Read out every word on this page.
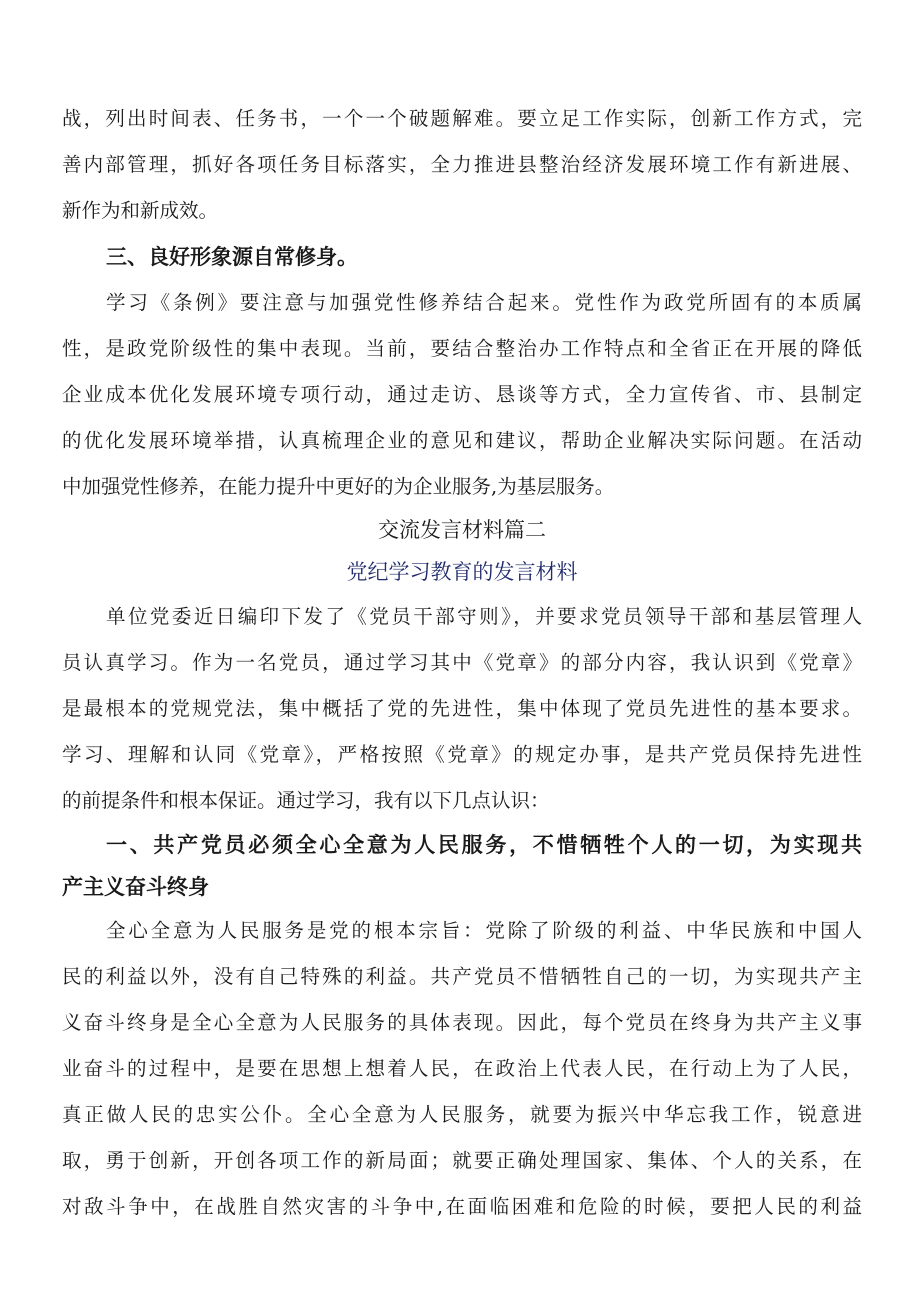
战，列出时间表、任务书，一个一个破题解难。要立足工作实际，创新工作方式，完
善内部管理，抓好各项任务目标落实，全力推进县整治经济发展环境工作有新进展、
新作为和新成效。
三、良好形象源自常修身。
学习《条例》要注意与加强党性修养结合起来。党性作为政党所固有的本质属
性，是政党阶级性的集中表现。当前，要结合整治办工作特点和全省正在开展的降低
企业成本优化发展环境专项行动，通过走访、恳谈等方式，全力宣传省、市、县制定
的优化发展环境举措，认真梳理企业的意见和建议，帮助企业解决实际问题。在活动
中加强党性修养，在能力提升中更好的为企业服务,为基层服务。
交流发言材料篇二
党纪学习教育的发言材料
单位党委近日编印下发了《党员干部守则》，并要求党员领导干部和基层管理人
员认真学习。作为一名党员，通过学习其中《党章》的部分内容，我认识到《党章》
是最根本的党规党法，集中概括了党的先进性，集中体现了党员先进性的基本要求。
学习、理解和认同《党章》，严格按照《党章》的规定办事，是共产党员保持先进性
的前提条件和根本保证。通过学习，我有以下几点认识：
一、共产党员必须全心全意为人民服务，不惜牺牲个人的一切，为实现共
产主义奋斗终身
全心全意为人民服务是党的根本宗旨：党除了阶级的利益、中华民族和中国人
民的利益以外，没有自己特殊的利益。共产党员不惜牺牲自己的一切，为实现共产主
义奋斗终身是全心全意为人民服务的具体表现。因此，每个党员在终身为共产主义事
业奋斗的过程中，是要在思想上想着人民，在政治上代表人民，在行动上为了人民，
真正做人民的忠实公仆。全心全意为人民服务，就要为振兴中华忘我工作，锐意进
取，勇于创新，开创各项工作的新局面；就要正确处理国家、集体、个人的关系，在
对敌斗争中，在战胜自然灾害的斗争中,在面临困难和危险的时候，要把人民的利益
